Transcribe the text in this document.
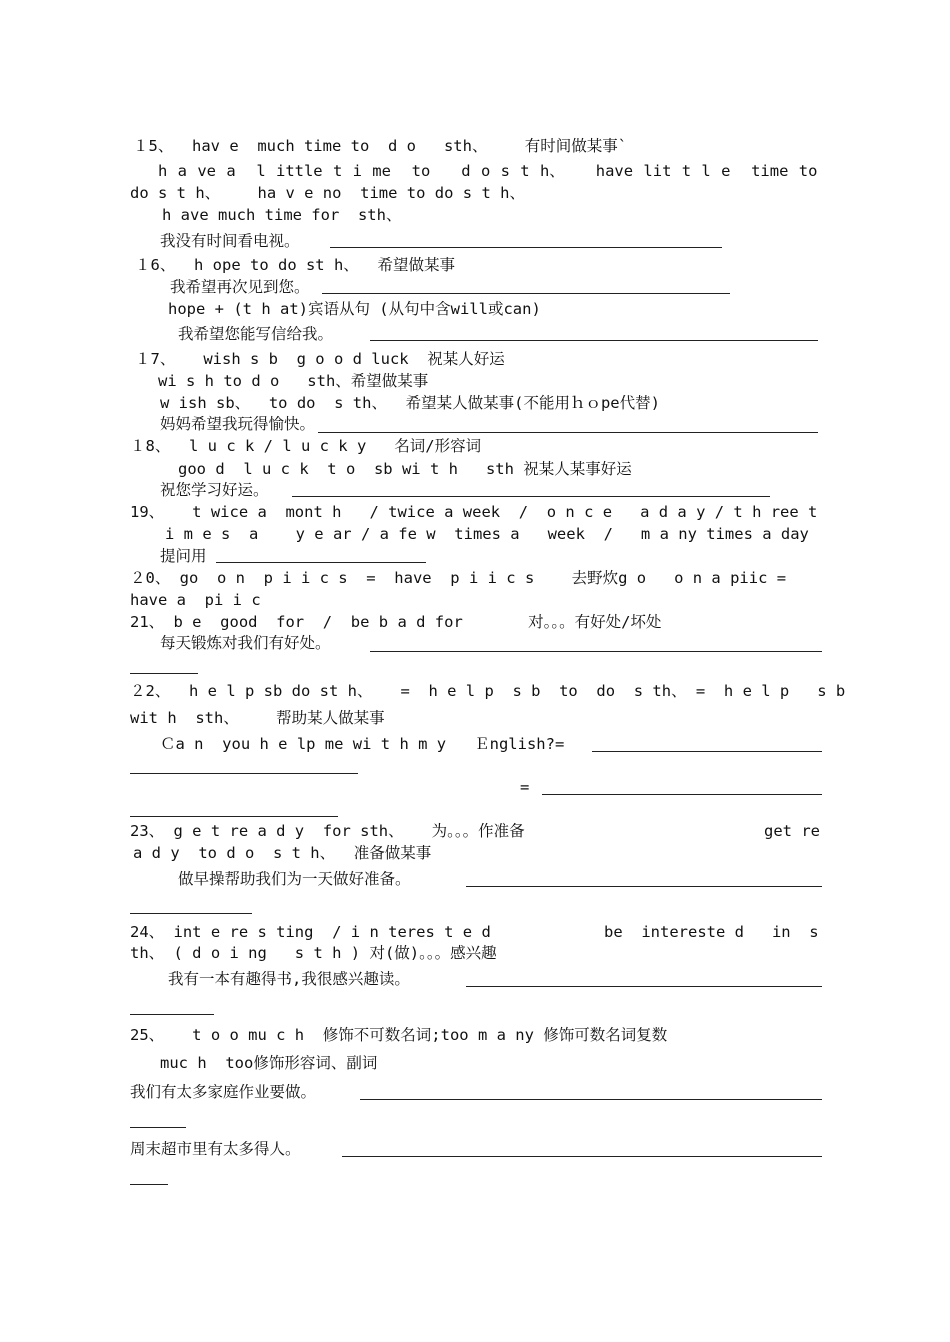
１5、  hav e  much time to  d o   sth、    有时间做某事`
h a ve a  l ittle t i me  to   d o s t h、   have lit t l e  time to
do s t h、    ha v e no  time to do s t h、
h ave much time for  sth、
我没有时间看电视。
１6、  h ope to do st h、  希望做某事
我希望再次见到您。
hope + (t h at)宾语从句 (从句中含will或can)
我希望您能写信给我。
１7、   wish s b  g o o d luck  祝某人好运
wi s h to d o   sth、希望做某事
w ish sb、  to do  s th、  希望某人做某事(不能用ｈｏpe代替)
妈妈希望我玩得愉快。
１8、  l u c k / l u c k y   名词/形容词
goo d  l u c k  t o  sb wi t h   sth 祝某人某事好运
祝您学习好运。
19、   t wice a  mont h   / twice a week  /  o n c e   a d a y / t h ree t
i m e s  a    y e ar / a fe w  times a   week  /   m a ny times a day
提问用
２0、 go  o n  p i i c s  =  have  p i i c s    去野炊g o   o n a piic =
have a  pi i c
21、 b e  good  for  /  be b a d for       对。。。有好处/坏处
每天锻炼对我们有好处。
２2、  h e l p sb do st h、   =  h e l p  s b  to  do  s th、 =  h e l p   s b
wit h  sth、    帮助某人做某事
Ｃa n  you h e lp me wi t h m y   Ｅnglish?=
=
23、 g e t re a d y  for sth、   为。。。作准备	get re
a d y  to d o  s t h、  准备做某事
做早操帮助我们为一天做好准备。
24、 int e re s ting  / i n teres t e d	be  intereste d   in  s
th、 ( d o i ng   s t h ) 对(做)。。。感兴趣
我有一本有趣得书,我很感兴趣读。
25、   t o o mu c h  修饰不可数名词;too m a ny 修饰可数名词复数
muc h  too修饰形容词、副词
我们有太多家庭作业要做。
周末超市里有太多得人。
